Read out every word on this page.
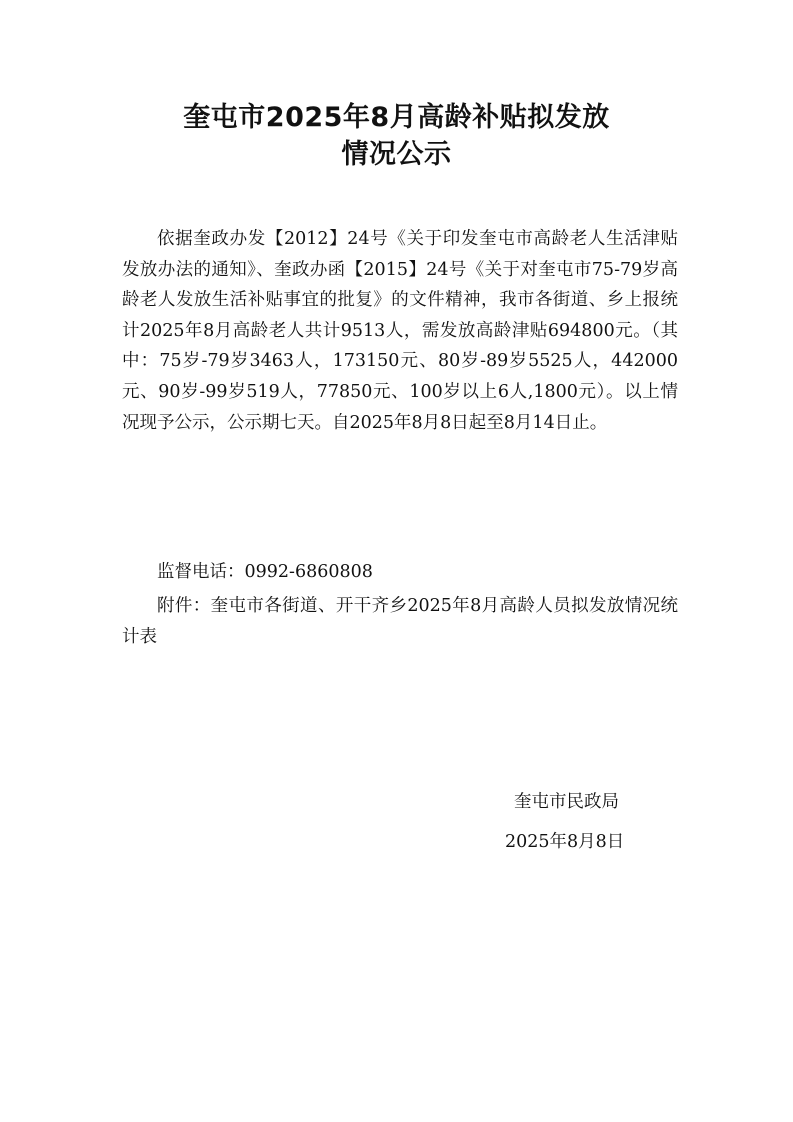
奎屯市2025年8月高龄补贴拟发放
情况公示

依据奎政办发【2012】24号《关于印发奎屯市高龄老人生活津贴发放办法的通知》、奎政办函【2015】24号《关于对奎屯市75-79岁高龄老人发放生活补贴事宜的批复》的文件精神，我市各街道、乡上报统计2025年8月高龄老人共计9513人，需发放高龄津贴694800元。（其中：75岁-79岁3463人，173150元、80岁-89岁5525人，442000元、90岁-99岁519人，77850元、100岁以上6人,1800元）。以上情况现予公示，公示期七天。自2025年8月8日起至8月14日止。

监督电话：0992-6860808

附件：奎屯市各街道、开干齐乡2025年8月高龄人员拟发放情况统计表

奎屯市民政局
2025年8月8日
